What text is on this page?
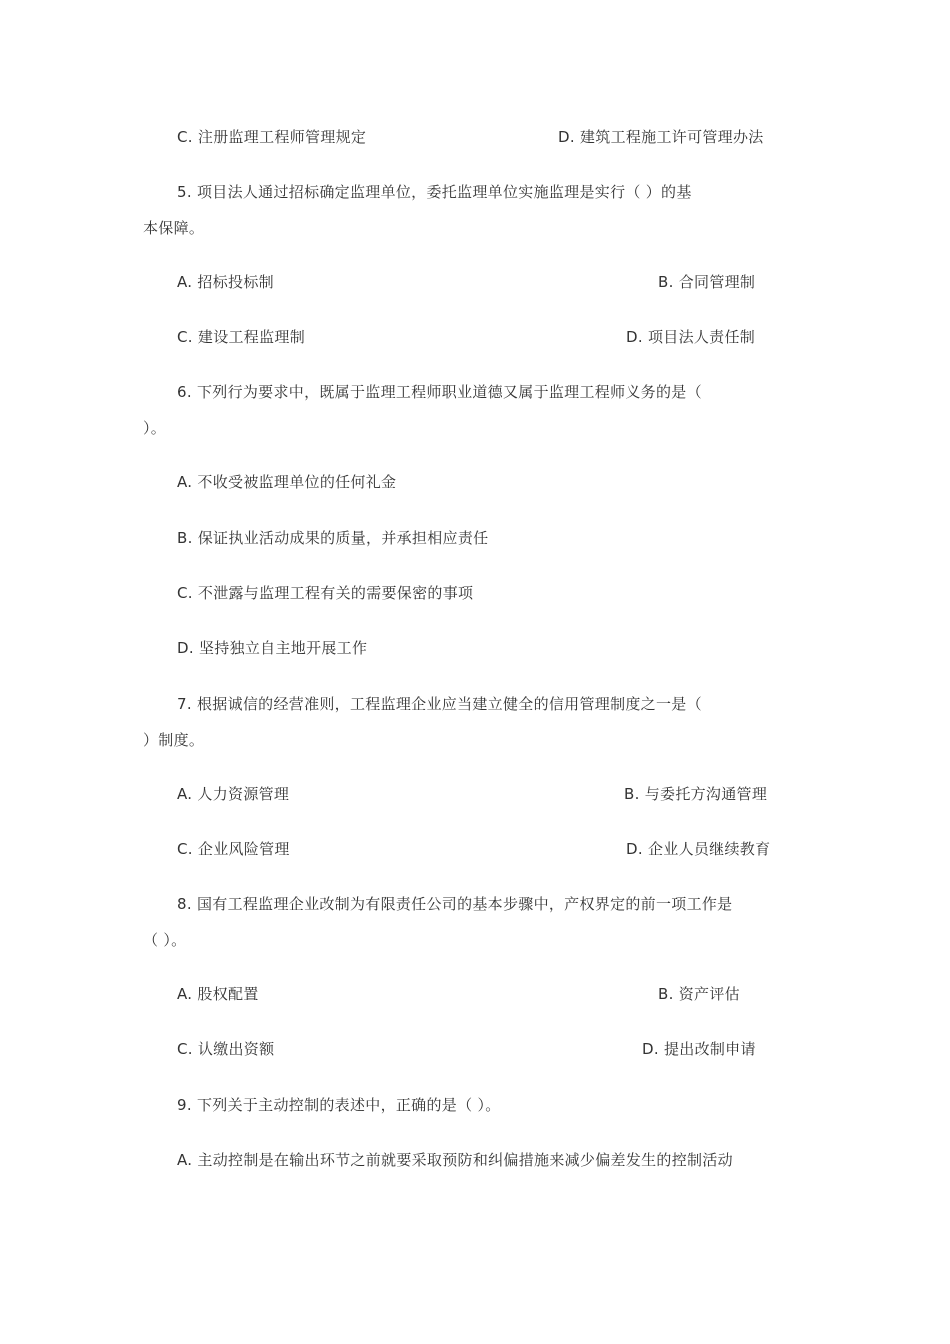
C. 注册监理工程师管理规定	D. 建筑工程施工许可管理办法
5. 项目法人通过招标确定监理单位，委托监理单位实施监理是实行（ ）的基
本保障。
A. 招标投标制	B. 合同管理制
C. 建设工程监理制	D. 项目法人责任制
6. 下列行为要求中，既属于监理工程师职业道德又属于监理工程师义务的是（
）。
A. 不收受被监理单位的任何礼金
B. 保证执业活动成果的质量，并承担相应责任
C. 不泄露与监理工程有关的需要保密的事项
D. 坚持独立自主地开展工作
7. 根据诚信的经营准则，工程监理企业应当建立健全的信用管理制度之一是（
）制度。
A. 人力资源管理	B. 与委托方沟通管理
C. 企业风险管理	D. 企业人员继续教育
8. 国有工程监理企业改制为有限责任公司的基本步骤中，产权界定的前一项工作是
（ ）。
A. 股权配置	B. 资产评估
C. 认缴出资额	D. 提出改制申请
9. 下列关于主动控制的表述中，正确的是（ ）。
A. 主动控制是在输出环节之前就要采取预防和纠偏措施来减少偏差发生的控制活动
